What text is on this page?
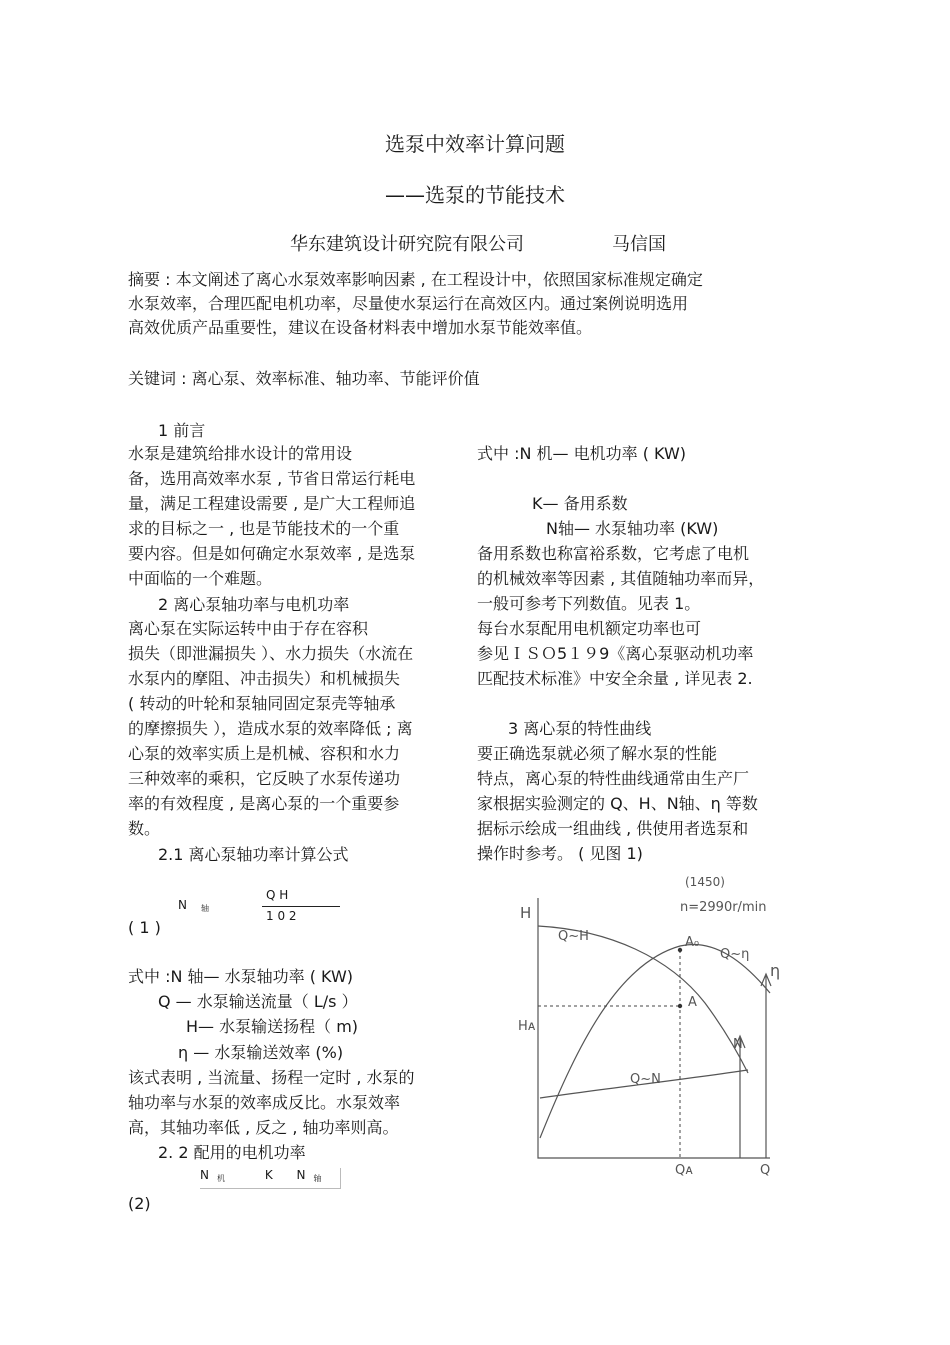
选泵中效率计算问题
——选泵的节能技术
华东建筑设计研究院有限公司	马信国
摘要 : 本文阐述了离心水泵效率影响因素 , 在工程设计中，依照国家标准规定确定
水泵效率，合理匹配电机功率，尽量使水泵运行在高效区内。通过案例说明选用
高效优质产品重要性，建议在设备材料表中增加水泵节能效率值。
关键词 : 离心泵、效率标准、轴功率、节能评价值
1 前言
水泵是建筑给排水设计的常用设
备，选用高效率水泵 , 节省日常运行耗电
量，满足工程建设需要 , 是广大工程师追
求的目标之一 , 也是节能技术的一个重
要内容。但是如何确定水泵效率 , 是选泵
中面临的一个难题。
2 离心泵轴功率与电机功率
离心泵在实际运转中由于存在容积
损失（即泄漏损失 ）、水力损失（水流在
水泵内的摩阻、冲击损失）和机械损失
( 转动的叶轮和泵轴同固定泵壳等轴承
的摩擦损失 ），造成水泵的效率降低 ; 离
心泵的效率实质上是机械、容积和水力
三种效率的乘积，它反映了水泵传递功
率的有效程度 , 是离心泵的一个重要参
数。
2.1 离心泵轴功率计算公式
N $_轴$
Q H
1 0 2
( 1 )
式中 :N 轴— 水泵轴功率 ( KW)
Q — 水泵输送流量（ L/s ）
H— 水泵输送扬程（ m)
η — 水泵输送效率 (%)
该式表明 , 当流量、扬程一定时 , 水泵的
轴功率与水泵的效率成反比。水泵效率
高，其轴功率低 , 反之 , 轴功率则高。
2. 2 配用的电机功率
N $_机$	K N $_轴$
(2)
式中 :N 机— 电机功率 ( KW)
K— 备用系数
N轴— 水泵轴功率 (KW)
备用系数也称富裕系数，它考虑了电机
的机械效率等因素 , 其值随轴功率而异，
一般可参考下列数值。见表 1。
每台水泵配用电机额定功率也可
参见ＩＳＯ5１９9《离心泵驱动机功率
匹配技术标准》中安全余量 , 详见表 2.
3 离心泵的特性曲线
要正确选泵就必须了解水泵的性能
特点，离心泵的特性曲线通常由生产厂
家根据实验测定的 Q、H、N轴、η 等数
据标示绘成一组曲线 , 供使用者选泵和
操作时参考。 ( 见图 1)
(1450)
n=2990r/min
H
Q
Q~H
Q~η
Q~N
η
N
A₀
A
Hᴀ
Qᴀ
